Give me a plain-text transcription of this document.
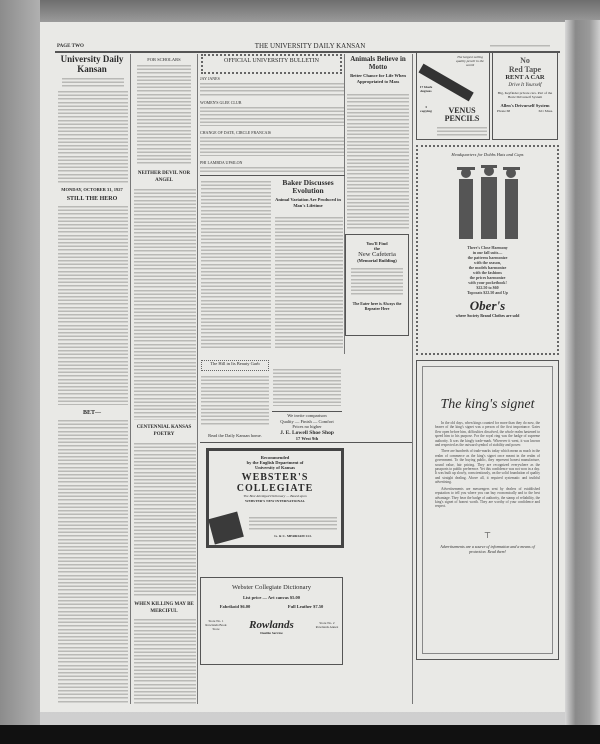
PAGE TWO	THE UNIVERSITY DAILY KANSAN
University Daily Kansan
MONDAY, OCTOBER 31, 1927
STILL THE HERO
BET—
FOR SCHOLARS
NEITHER DEVIL NOR ANGEL
CENTENNIAL KANSAS POETRY
WHEN KILLING MAY BE MERCIFUL
OFFICIAL UNIVERSITY BULLETIN
JAY JANES
WOMEN'S GLEE CLUB
CHANGE OF DATE, CIRCLE FRANCAIS
PHI LAMBDA UPSILON
Baker Discusses Evolution
Animal Variation Are Produced in Man's Lifetime
The Hill in Its Beauty Garb
Read the Daily Kansan home.
We invite comparison
Quality — Finish — Comfort
Prices no higher
J. E. Lowell Shoe Shop
17 West 9th
Animals Believe in Motto
Better Chance for Life When Appropriated to Mass
You'll Find
the
New Cafeteria
(Memorial Building)
The Eater here is Always the Repeater Here
The largest selling quality pencil in the world
17 black degrees
3 copying	VENUS PENCILS
No
Red Tape
RENT A CAR
Drive It Yourself
Big, Keyfinder private cars. Part of the Hertz Drivurself System
Allen's Drivurself System
Phone 68	621 Mass.
Headquarters for Dobbs Hats and Caps
There's Close Harmony
in our fall suits—
the patterns harmonize
with the season,
the models harmonize
with the fashions
the prices harmonize
with your pocketbook!
$22.50 to $60
Topcoats $22.50 and Up
Ober's
where Society Brand Clothes are sold
Recommended
by the English Department of
University of Kansas
WEBSTER'S
COLLEGIATE
The Best Abridged Dictionary — Based upon
WEBSTER'S NEW INTERNATIONAL
G. & C. MERRIAM CO.
Webster Collegiate Dictionary
List price — Art canvas $5.00
Fabrikoid $6.00	Full Leather $7.50
Store No. 1 Rowlands Book Store	Rowlands	Store No. 2 Rowlands Annex
Double Service
The king's signet

In the old days, when kings counted for more than they do now, the bearer of the king's signet was a person of the first importance. Gates flew open before him, difficulties dissolved, the whole realm hastened to speed him to his purpose. For the royal ring was the badge of supreme authority. It was the kingly trade-mark. Wherever it went, it was known and respected as the outward symbol of stability and power.

There are hundreds of trade-marks today which mean as much in the realm of commerce as the king's signet once meant in the realm of government. To the buying public, they represent honest manufacture, sound value, fair pricing. They are recognized everywhere as the passports to public preference. Yet this confidence was not won in a day. It was built up slowly, conscientiously, on the solid foundation of quality and straight dealing. Above all, it required systematic and truthful advertising.

Advertisements are messengers sent by dealers of established reputation to tell you where you can buy economically and to the best advantage. They bear the badge of authority, the stamp of reliability, the king's signet of honest worth. They are worthy of your confidence and respect.

⊤

Advertisements are a source of information and a means of protection. Read them!
